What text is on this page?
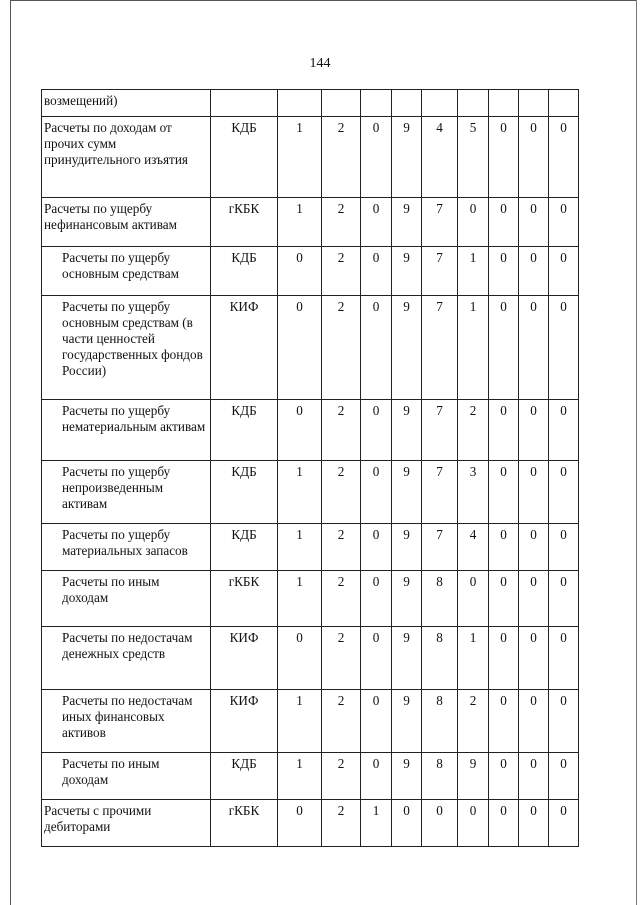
144
возмещений)										
Расчеты по доходам от прочих сумм принудительного изъятия	КДБ	1	2	0	9	4	5	0	0	0
Расчеты по ущербу нефинансовым активам	гКБК	1	2	0	9	7	0	0	0	0
Расчеты по ущербу основным средствам	КДБ	0	2	0	9	7	1	0	0	0
Расчеты по ущербу основным средствам (в части ценностей государственных фондов России)	КИФ	0	2	0	9	7	1	0	0	0
Расчеты по ущербу нематериальным активам	КДБ	0	2	0	9	7	2	0	0	0
Расчеты по ущербу непроизведенным активам	КДБ	1	2	0	9	7	3	0	0	0
Расчеты по ущербу материальных запасов	КДБ	1	2	0	9	7	4	0	0	0
Расчеты по иным доходам	гКБК	1	2	0	9	8	0	0	0	0
Расчеты по недостачам денежных средств	КИФ	0	2	0	9	8	1	0	0	0
Расчеты по недостачам иных финансовых активов	КИФ	1	2	0	9	8	2	0	0	0
Расчеты по иным доходам	КДБ	1	2	0	9	8	9	0	0	0
Расчеты с прочими дебиторами	гКБК	0	2	1	0	0	0	0	0	0
